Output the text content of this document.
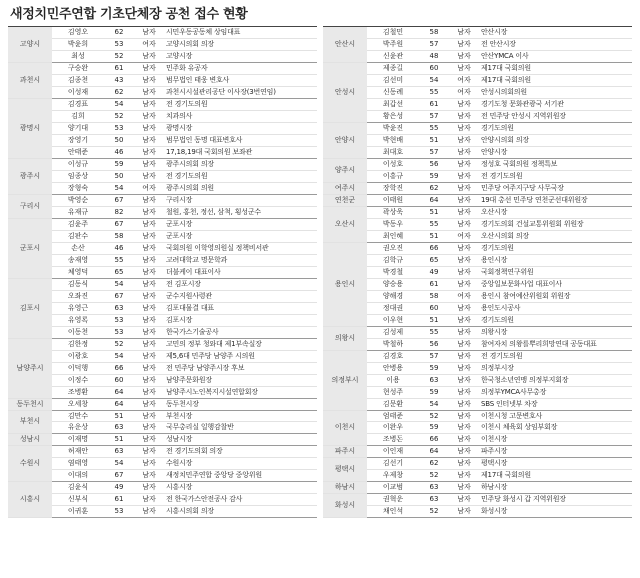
새정치민주연합 기초단체장 공천 접수 현황
고양시	김영오	62	남자	시민우동공동체 상임대표
	박윤희	53	여자	고양시의회 의장
	최성	52	남자	고양시장
과천시	구승완	61	남자	민주화 유공자
	김종천	43	남자	범무법인 태웅 변호사
	이성재	62	남자	과천시시설관리공단 이사장(3번연임)
광명시	김경표	54	남자	전 경기도의원
	김희	52	남자	치과의사
	양기대	53	남자	광명시장
	장영기	50	남자	범무법인 동명 대표변호사
	안태준	46	남자	17,18,19대 국회의원 보좌관
광주시	이성규	59	남자	광주시의회 의장
	임종상	50	남자	전 경기도의원
	장형숙	54	여자	광주시의회 의원
구리시	박영순	67	남자	구리시장
	유재규	82	남자	철원, 홍천, 정선, 삼척, 횡성군수
군포시	김윤주	67	남자	군포시장
	김판수	58	남자	군포시장
	손산	46	남자	국회의원 이학영의원실 정책비서관
	송재영	55	남자	고려대학교 명문학과
	체영덕	65	남자	더불케이 대표이사
김포시	김동식	54	남자	전 김포시장
	오좌진	67	남자	군수지원사령관
	유영근	63	남자	김포대물결 대표
	유영록	53	남자	김포시장
	이동천	53	남자	한국가스기술공사
남양주시	김한정	52	남자	고민의 정부 청와대 제1부속실장
	이광호	54	남자	제5,6대 민주당 남양주 시의원
	이덕행	66	남자	전 민주당 남양주시장 후보
	이정수	60	남자	남양주문화원장
	조병환	64	남자	남양주시노인복지시설연합회장
동두천시	오세창	64	남자	동두천시장
부천시	김만수	51	남자	부천시장
	유운상	63	남자	국무총리실 일행감찰반
성남시	이재명	51	남자	성남시장
수원시	허재안	63	남자	전 경기도의회 의장
	염태영	54	남자	수원시장
	이대의	67	남자	새정치민주연합 중앙당 중앙위원
시흥시	김윤식	49	남자	시흥시장
	신부식	61	남자	전 한국가스안전공사 감사
	이귀훈	53	남자	시흥시의회 의장
안산시	김철민	58	남자	안산시장
	박주원	57	남자	전 안산시장
	신윤관	48	남자	안산YMCA 이사
안성시	제종길	60	남자	제17대 국회의원
	김선미	54	여자	제17대 국회의원
	신동례	55	여자	안성시의회의원
	최갑선	61	남자	경기도청 문화관광국 서기관
	황은성	57	남자	전 민주당 안성시 지역위원장
안양시	박윤진	55	남자	경기도의원
	박현배	51	남자	안양시의회 의장
	최대호	57	남자	안양시장
양주시	이성호	56	남자	정성호 국회의원 정책특보
	이흥규	59	남자	전 경기도의원
여주시	장학진	62	남자	민주당 여주지구당 사무국장
연천군	이태원	64	남자	19대 총선 민주당 연천군선대위원장
오산시	곽상욱	51	남자	오산시장
	박동우	55	남자	경기도의회 건설교통위원회 위원장
	최인혜	51	여자	오산시의회 의장
용인시	권오진	66	남자	경기도의원
	김학규	65	남자	용인시장
	박경철	49	남자	국회정책연구위원
	양승용	61	남자	중앙일보문화사업 대표이사
	양해경	58	여자	용인시 참여예산위원회 위원장
	정대권	60	남자	용인도시공사
	이우현	51	남자	경기도의원
의왕시	김성제	55	남자	의왕시장
	박철하	56	남자	참여자치 의왕를뿌리희망연대 공동대표
의정부시	김경호	57	남자	전 경기도의원
	안병용	59	남자	의정부시장
	이용	63	남자	한국청소년연맹 의정부지회장
	현성주	59	남자	의정부YMCA사무총장
	김문환	54	남자	SBS 인터넷부 차장
이천시	엄태준	52	남자	이천시청 고문변호사
	이완우	59	남자	이천시 체육회 상임부회장
	조병돈	66	남자	이천시장
파주시	이인재	64	남자	파주시장
평택시	김선기	62	남자	평택시장
	우제창	52	남자	제17대 국회의원
하남시	이교범	63	남자	하남시장
화성시	권혁운	63	남자	민주당 화성시 갑 지역위원장
	채인석	52	남자	화성시장
